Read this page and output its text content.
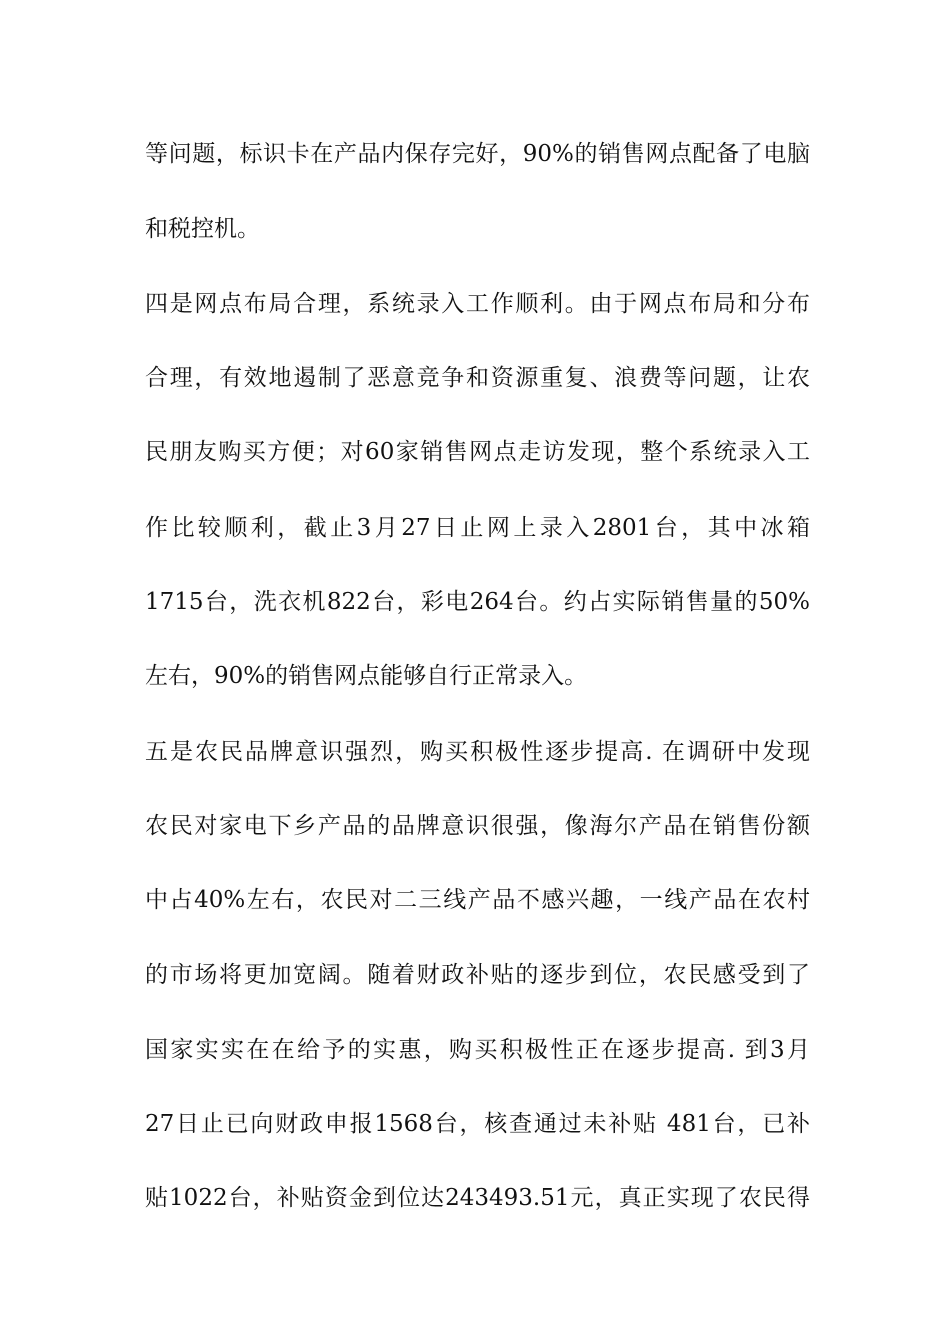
等问题，标识卡在产品内保存完好，90%的销售网点配备了电脑
和税控机。
四是网点布局合理，系统录入工作顺利。由于网点布局和分布
合理，有效地遏制了恶意竞争和资源重复、浪费等问题，让农
民朋友购买方便；对60家销售网点走访发现，整个系统录入工
作比较顺利，截止3月27日止网上录入2801台，其中冰箱
1715台，洗衣机822台，彩电264台。约占实际销售量的50%
左右，90%的销售网点能够自行正常录入。
五是农民品牌意识强烈，购买积极性逐步提高. 在调研中发现
农民对家电下乡产品的品牌意识很强，像海尔产品在销售份额
中占40%左右，农民对二三线产品不感兴趣，一线产品在农村
的市场将更加宽阔。随着财政补贴的逐步到位，农民感受到了
国家实实在在给予的实惠，购买积极性正在逐步提高. 到3月
27日止已向财政申报1568台，核查通过未补贴 481台，已补
贴1022台，补贴资金到位达243493.51元，真正实现了农民得
